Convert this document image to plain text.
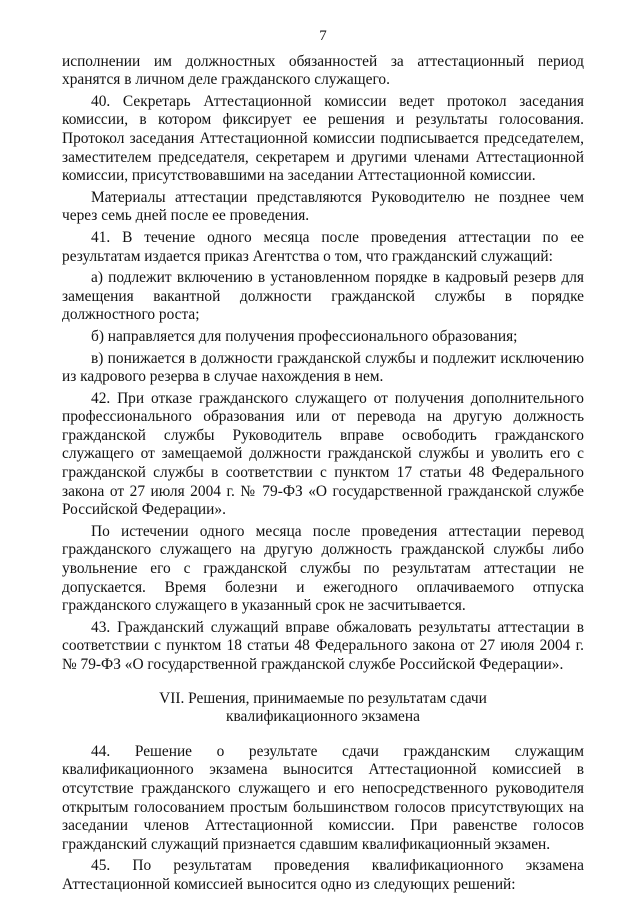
7

исполнении им должностных обязанностей за аттестационный период хранятся в личном деле гражданского служащего.

40. Секретарь Аттестационной комиссии ведет протокол заседания комиссии, в котором фиксирует ее решения и результаты голосования. Протокол заседания Аттестационной комиссии подписывается председателем, заместителем председателя, секретарем и другими членами Аттестационной комиссии, присутствовавшими на заседании Аттестационной комиссии.

Материалы аттестации представляются Руководителю не позднее чем через семь дней после ее проведения.

41. В течение одного месяца после проведения аттестации по ее результатам издается приказ Агентства о том, что гражданский служащий:

а) подлежит включению в установленном порядке в кадровый резерв для замещения вакантной должности гражданской службы в порядке должностного роста;

б) направляется для получения профессионального образования;

в) понижается в должности гражданской службы и подлежит исключению из кадрового резерва в случае нахождения в нем.

42. При отказе гражданского служащего от получения дополнительного профессионального образования или от перевода на другую должность гражданской службы Руководитель вправе освободить гражданского служащего от замещаемой должности гражданской службы и уволить его с гражданской службы в соответствии с пунктом 17 статьи 48 Федерального закона от 27 июля 2004 г. № 79-ФЗ «О государственной гражданской службе Российской Федерации».

По истечении одного месяца после проведения аттестации перевод гражданского служащего на другую должность гражданской службы либо увольнение его с гражданской службы по результатам аттестации не допускается. Время болезни и ежегодного оплачиваемого отпуска гражданского служащего в указанный срок не засчитывается.

43. Гражданский служащий вправе обжаловать результаты аттестации в соответствии с пунктом 18 статьи 48 Федерального закона от 27 июля 2004 г. № 79-ФЗ «О государственной гражданской службе Российской Федерации».

VII. Решения, принимаемые по результатам сдачи
квалификационного экзамена

44. Решение о результате сдачи гражданским служащим квалификационного экзамена выносится Аттестационной комиссией в отсутствие гражданского служащего и его непосредственного руководителя открытым голосованием простым большинством голосов присутствующих на заседании членов Аттестационной комиссии. При равенстве голосов гражданский служащий признается сдавшим квалификационный экзамен.

45. По результатам проведения квалификационного экзамена Аттестационной комиссией выносится одно из следующих решений:
